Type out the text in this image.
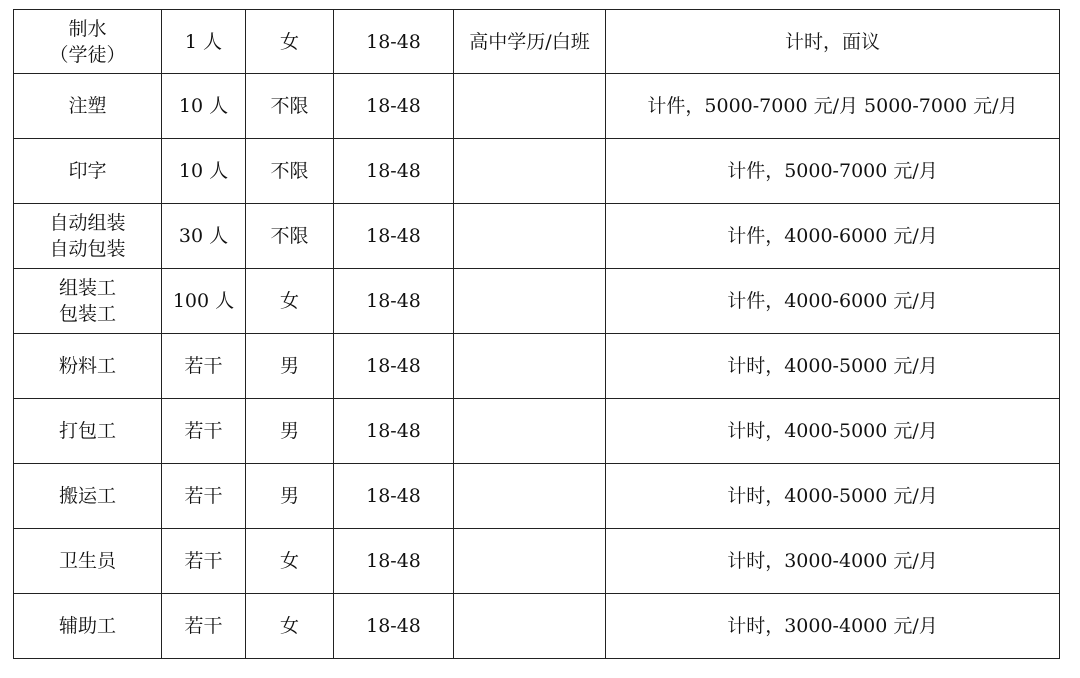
制水
（学徒）	1 人	女	18-48	高中学历/白班	计时，面议

注塑	10 人	不限	18-48		计件，5000-7000 元/月 5000-7000 元/月

印字	10 人	不限	18-48		计件，5000-7000 元/月

自动组装
自动包装	30 人	不限	18-48		计件，4000-6000 元/月

组装工
包装工	100 人	女	18-48		计件，4000-6000 元/月

粉料工	若干	男	18-48		计时，4000-5000 元/月

打包工	若干	男	18-48		计时，4000-5000 元/月

搬运工	若干	男	18-48		计时，4000-5000 元/月

卫生员	若干	女	18-48		计时，3000-4000 元/月

辅助工	若干	女	18-48		计时，3000-4000 元/月
